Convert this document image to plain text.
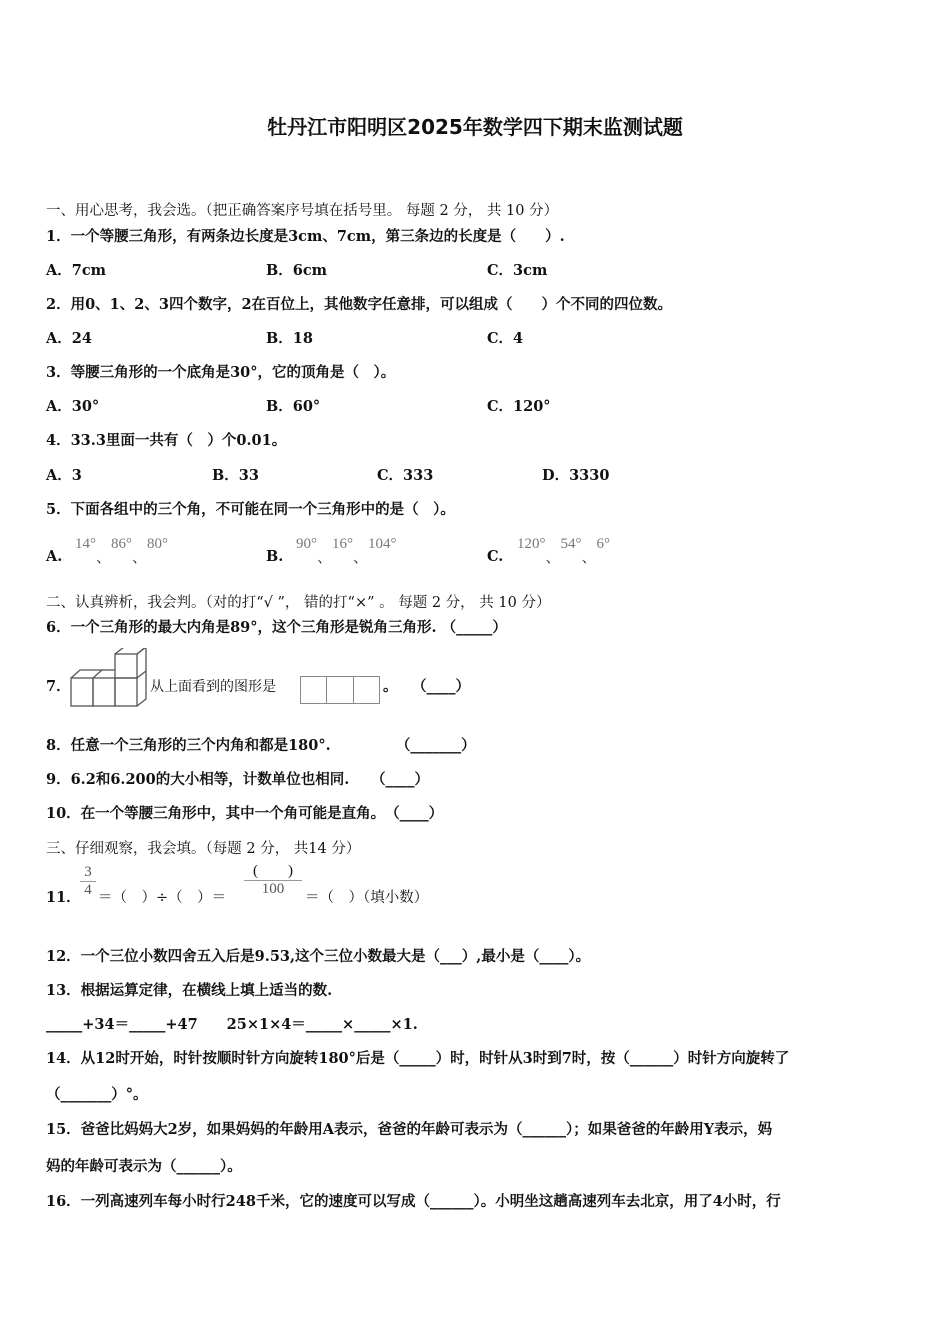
牡丹江市阳明区2025年数学四下期末监测试题
一、用心思考，我会选。（把正确答案序号填在括号里。 每题 2 分， 共 10 分）
1．一个等腰三角形，有两条边长度是3cm、7cm，第三条边的长度是（　　）.
A．7cm	B．6cm	C．3cm
2．用0、1、2、3四个数字，2在百位上，其他数字任意排，可以组成（　　）个不同的四位数。
A．24	B．18	C．4
3．等腰三角形的一个底角是30°，它的顶角是（　）。
A．30°	B．60°	C．120°
4．33.3里面一共有（　）个0.01。
A．3	B．33	C．333	D．3330
5．下面各组中的三个角，不可能在同一个三角形中的是（　）。
A.
14°、86°、80°
B.
90°、16°、104°
C.
120°、54°、6°
二、认真辨析，我会判。（对的打“√ ”， 错的打“×” 。 每题 2 分， 共 10 分）
6．一个三角形的最大内角是89°，这个三角形是锐角三角形. （_____）
7．	从上面看到的图形是	。　　（____）
8．任意一个三角形的三个内角和都是180°.　　　　　（_______）
9．6.2和6.200的大小相等，计数单位也相同.　　（____）
10．在一个等腰三角形中，其中一个角可能是直角。　（____）
三、仔细观察，我会填。（每题 2 分， 共14 分）
11．
3
4 ＝（　）÷（　）＝
(　　)
100
＝（　）（填小数）
12．一个三位小数四舍五入后是9.53,这个三位小数最大是（___）,最小是（____）。
13．根据运算定律，在横线上填上适当的数.
_____+34＝_____+47　　25×1×4＝_____×_____×1.
14．从12时开始，时针按顺时针方向旋转180°后是（_____）时，时针从3时到7时，按（______）时针方向旋转了
（_______）°。
15．爸爸比妈妈大2岁，如果妈妈的年龄用A表示，爸爸的年龄可表示为（______）；如果爸爸的年龄用Y表示，妈
妈的年龄可表示为（______）。
16．一列高速列车每小时行248千米，它的速度可以写成（______）。小明坐这趟高速列车去北京，用了4小时，行
